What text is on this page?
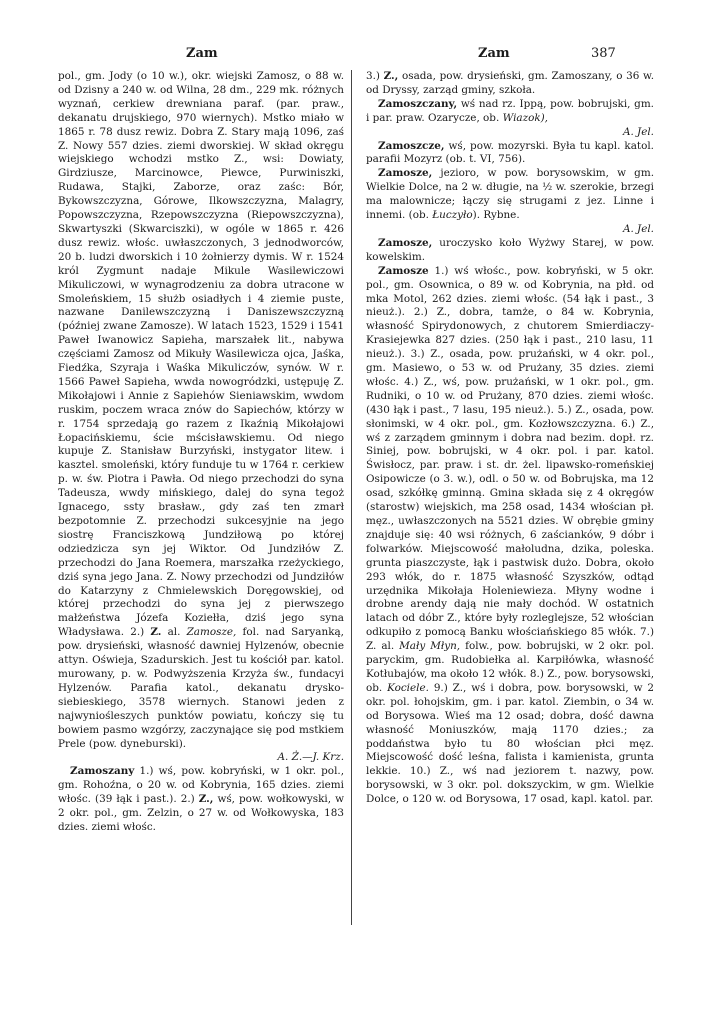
Zam	Zam	387

pol., gm. Jody (o 10 w.), okr. wiejski Zamosz, o 88 w. od Dzisny a 240 w. od Wilna, 28 dm., 229 mk. różnych wyznań, cerkiew drewniana paraf. (par. praw., dekanatu drujskiego, 970 wiernych). Mstko miało w 1865 r. 78 dusz rewiz. Dobra Z. Stary mają 1096, zaś Z. Nowy 557 dzies. ziemi dworskiej. W skład okręgu wiejskiego wchodzi mstko Z., wsi: Dowiaty, Girdziusze, Marcinowce, Piewce, Purwiniszki, Rudawa, Stajki, Zaborze, oraz zaśc: Bór, Bykowszczyzna, Górowe, Ilkowszczyzna, Malagry, Popowszczyzna, Rzepowszczyzna (Riepowszczyzna), Skwartyszki (Skwarciszki), w ogóle w 1865 r. 426 dusz rewiz. włośc. uwłaszczonych, 3 jednodworców, 20 b. ludzi dworskich i 10 żołnierzy dymis. W r. 1524 król Zygmunt nadaje Mikule Wasilewiczowi Mikuliczowi, w wynagrodzeniu za dobra utracone w Smoleńskiem, 15 służb osiadłych i 4 ziemie puste, nazwane Danilewszczyzną i Daniszewszczyzną (później zwane Zamosze). W latach 1523, 1529 i 1541 Paweł Iwanowicz Sapieha, marszałek lit., nabywa częściami Zamosz od Mikuły Wasilewicza ojca, Jaśka, Fiedźka, Szyraja i Waśka Mikuliczów, synów. W r. 1566 Paweł Sapieha, wwda nowogródzki, ustępuję Z. Mikołajowi i Annie z Sapiehów Sieniawskim, wwdom ruskim, poczem wraca znów do Sapiechów, którzy w r. 1754 sprzedają go razem z Ikaźnią Mikołajowi Łopacińskiemu, ście mścisławskiemu. Od niego kupuje Z. Stanisław Burzyński, instygator litew. i kasztel. smoleński, który funduje tu w 1764 r. cerkiew p. w. św. Piotra i Pawła. Od niego przechodzi do syna Tadeusza, wwdy mińskiego, dalej do syna tegoż Ignacego, ssty brasław., gdy zaś ten zmarł bezpotomnie Z. przechodzi sukcesyjnie na jego siostrę Franciszkową Jundziłową po której odziedzicza syn jej Wiktor. Od Jundziłów Z. przechodzi do Jana Roemera, marszałka rzeżyckiego, dziś syna jego Jana. Z. Nowy przechodzi od Jundziłów do Katarzyny z Chmielewskich Doręgowskiej, od której przechodzi do syna jej z pierwszego małżeństwa Józefa Koziełła, dziś jego syna Władysława. 2.) Z. al. Zamosze, fol. nad Saryanką, pow. drysieński, własność dawniej Hylzenów, obecnie attyn. Oświeja, Szadurskich. Jest tu kościół par. katol. murowany, p. w. Podwyższenia Krzyża św., fundacyi Hylzenów. Parafia katol., dekanatu drysko-siebieskiego, 3578 wiernych. Stanowi jeden z najwyniośleszych punktów powiatu, kończy się tu bowiem pasmo wzgórzy, zaczynające się pod mstkiem Prele (pow. dyneburski).
A. Ż.—J. Krz.

Zamoszany 1.) wś, pow. kobryński, w 1 okr. pol., gm. Rohoźna, o 20 w. od Kobrynia, 165 dzies. ziemi włośc. (39 łąk i past.). 2.) Z., wś, pow. wołkowyski, w 2 okr. pol., gm. Zelzin, o 27 w. od Wołkowyska, 183 dzies. ziemi włośc.

3.) Z., osada, pow. drysieński, gm. Zamoszany, o 36 w. od Dryssy, zarząd gminy, szkoła.

Zamoszczany, wś nad rz. Ippą, pow. bobrujski, gm. i par. praw. Ozarycze, ob. Wiazok),
A. Jel.

Zamoszcze, wś, pow. mozyrski. Była tu kapl. katol. parafii Mozyrz (ob. t. VI, 756).

Zamosze, jezioro, w pow. borysowskim, w gm. Wielkie Dolce, na 2 w. długie, na ½ w. szerokie, brzegi ma malownicze; łączy się strugami z jez. Linne i innemi. (ob. Łuczyło). Rybne.
A. Jel.

Zamosze, uroczysko koło Wyżwy Starej, w pow. kowelskim.

Zamosze 1.) wś włośc., pow. kobryński, w 5 okr. pol., gm. Osownica, o 89 w. od Kobrynia, na płd. od mka Motol, 262 dzies. ziemi włośc. (54 łąk i past., 3 nieuż.). 2.) Z., dobra, tamże, o 84 w. Kobrynia, własność Spirydonowych, z chutorem Smierdiaczy-Krasiejewka 827 dzies. (250 łąk i past., 210 lasu, 11 nieuż.). 3.) Z., osada, pow. prużański, w 4 okr. pol., gm. Masiewo, o 53 w. od Prużany, 35 dzies. ziemi włośc. 4.) Z., wś, pow. prużański, w 1 okr. pol., gm. Rudniki, o 10 w. od Prużany, 870 dzies. ziemi włośc. (430 łąk i past., 7 lasu, 195 nieuż.). 5.) Z., osada, pow. słonimski, w 4 okr. pol., gm. Kozłowszczyzna. 6.) Z., wś z zarządem gminnym i dobra nad bezim. dopł. rz. Siniej, pow. bobrujski, w 4 okr. pol. i par. katol. Świsłocz, par. praw. i st. dr. żel. lipawsko-romeńskiej Osipowicze (o 3. w.), odl. o 50 w. od Bobrujska, ma 12 osad, szkółkę gminną. Gmina składa się z 4 okręgów (starostw) wiejskich, ma 258 osad, 1434 włościan pł. męz., uwłaszczonych na 5521 dzies. W obrębie gminy znajduje się: 40 wsi różnych, 6 zaścianków, 9 dóbr i folwarków. Miejscowość małoludna, dzika, poleska. grunta piaszczyste, łąk i pastwisk dużo. Dobra, około 293 włók, do r. 1875 własność Szyszków, odtąd urzędnika Mikołaja Holeniewieza. Młyny wodne i drobne arendy dają nie mały dochód. W ostatnich latach od dóbr Z., które były rozleglejsze, 52 włościan odkupiło z pomocą Banku włościańskiego 85 włók. 7.) Z. al. Mały Młyn, folw., pow. bobrujski, w 2 okr. pol. paryckim, gm. Rudobiełka al. Karpiłówka, własność Kotłubajów, ma około 12 włók. 8.) Z., pow. borysowski, ob. Kociele. 9.) Z., wś i dobra, pow. borysowski, w 2 okr. pol. łohojskim, gm. i par. katol. Ziembin, o 34 w. od Borysowa. Wieś ma 12 osad; dobra, dość dawna własność Moniuszków, mają 1170 dzies.; za poddaństwa było tu 80 włościan płci męz. Miejscowość dość leśna, falista i kamienista, grunta lekkie. 10.) Z., wś nad jeziorem t. nazwy, pow. borysowski, w 3 okr. pol. dokszyckim, w gm. Wielkie Dolce, o 120 w. od Borysowa, 17 osad, kapl. katol. par.
